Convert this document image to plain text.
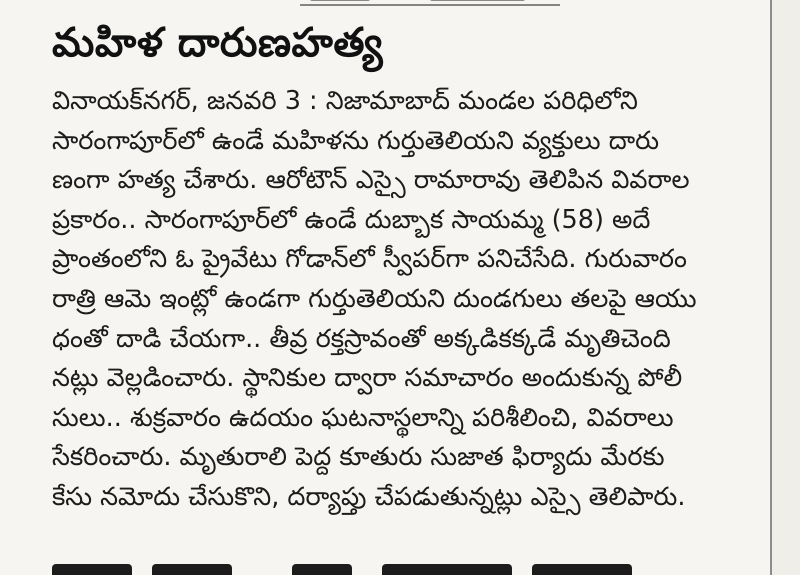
మహిళ దారుణహత్య
వినాయక్‌నగర్, జనవరి 3 : నిజామాబాద్ మండల పరిధిలోని
సారంగాపూర్‌లో ఉండే మహిళను గుర్తుతెలియని వ్యక్తులు దారు
ణంగా హత్య చేశారు. ఆరోటౌన్ ఎస్సై రామారావు తెలిపిన వివరాల
ప్రకారం.. సారంగాపూర్‌లో ఉండే దుబ్బాక సాయమ్మ (58) అదే
ప్రాంతంలోని ఓ ప్రైవేటు గోడాన్‌లో స్వీపర్‌గా పనిచేసేది. గురువారం
రాత్రి ఆమె ఇంట్లో ఉండగా గుర్తుతెలియని దుండగులు తలపై ఆయు
ధంతో దాడి చేయగా.. తీవ్ర రక్తస్రావంతో అక్కడికక్కడే మృతిచెంది
నట్లు వెల్లడించారు. స్థానికుల ద్వారా సమాచారం అందుకున్న పోలీ
సులు.. శుక్రవారం ఉదయం ఘటనాస్థలాన్ని పరిశీలించి, వివరాలు
సేకరించారు. మృతురాలి పెద్ద కూతురు సుజాత ఫిర్యాదు మేరకు
కేసు నమోదు చేసుకొని, దర్యాప్తు చేపడుతున్నట్లు ఎస్సై తెలిపారు.
